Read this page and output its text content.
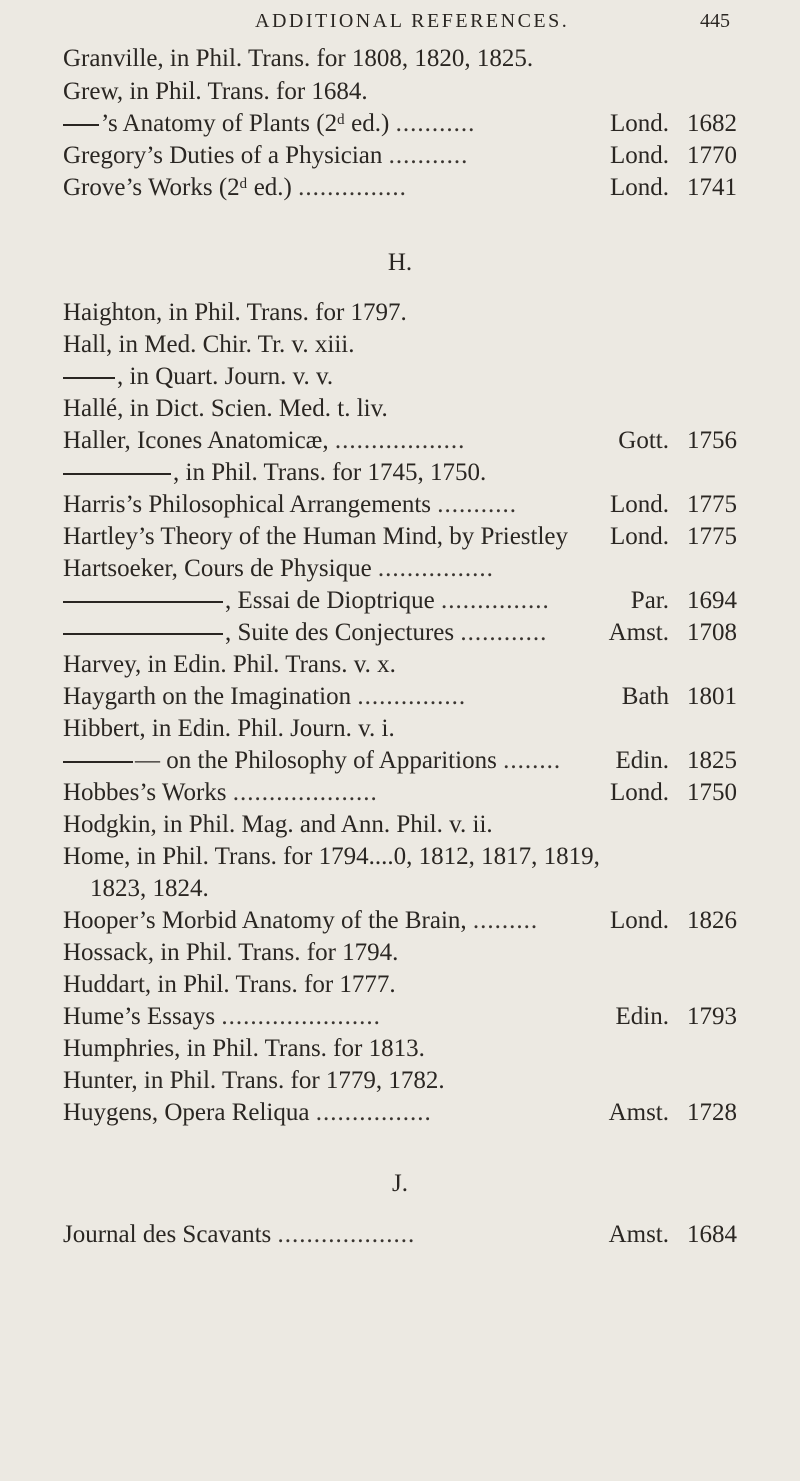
ADDITIONAL REFERENCES.	445
Granville, in Phil. Trans. for 1808, 1820, 1825.
Grew, in Phil. Trans. for 1684.
’s Anatomy of Plants (2ᵈ ed.) ...........	Lond. 1682
Gregory’s Duties of a Physician ...........	Lond. 1770
Grove’s Works (2ᵈ ed.) ...............	Lond. 1741
H.
Haighton, in Phil. Trans. for 1797.
Hall, in Med. Chir. Tr. v. xiii.
, in Quart. Journ. v. v.
Hallé, in Dict. Scien. Med. t. liv.
Haller, Icones Anatomicæ, ..................	Gott. 1756
, in Phil. Trans. for 1745, 1750.
Harris’s Philosophical Arrangements ...........	Lond. 1775
Hartley’s Theory of the Human Mind, by Priestley	Lond. 1775
Hartsoeker, Cours de Physique ................
, Essai de Dioptrique ...............	Par. 1694
, Suite des Conjectures ............	Amst. 1708
Harvey, in Edin. Phil. Trans. v. x.
Haygarth on the Imagination ...............	Bath 1801
Hibbert, in Edin. Phil. Journ. v. i.
— on the Philosophy of Apparitions ........	Edin. 1825
Hobbes’s Works ....................	Lond. 1750
Hodgkin, in Phil. Mag. and Ann. Phil. v. ii.
Home, in Phil. Trans. for 1794....0, 1812, 1817, 1819,
1823, 1824.
Hooper’s Morbid Anatomy of the Brain, .........	Lond. 1826
Hossack, in Phil. Trans. for 1794.
Huddart, in Phil. Trans. for 1777.
Hume’s Essays ......................	Edin. 1793
Humphries, in Phil. Trans. for 1813.
Hunter, in Phil. Trans. for 1779, 1782.
Huygens, Opera Reliqua ................	Amst. 1728
J.
Journal des Scavants ...................	Amst. 1684
